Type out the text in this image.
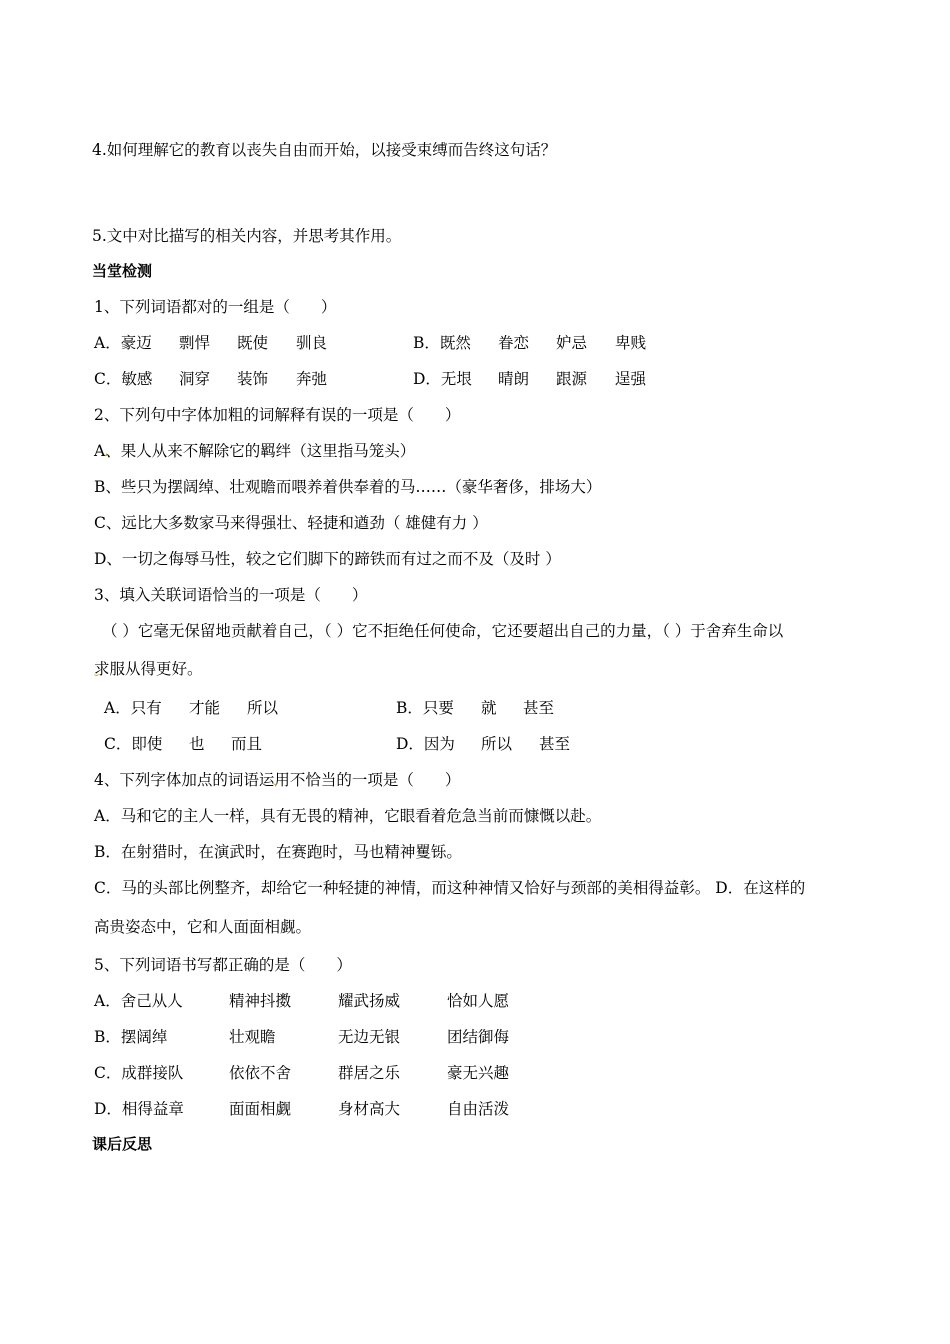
4.如何理解它的教育以丧失自由而开始，以接受束缚而告终这句话？
5.文中对比描写的相关内容，并思考其作用。
当堂检测
1、下列词语都对的一组是（　　）
A．豪迈 剽悍 既使 驯良	B．既然 眷恋 妒忌 卑贱
C．敏感 洞穿 装饰 奔弛	D．无垠 晴朗 跟源 逞强
2、下列句中字体加粗的词解释有误的一项是（　　）
A、果人从来不解除它的羁绊（这里指马笼头）
B、些只为摆阔绰、壮观瞻而喂养着供奉着的马……（豪华奢侈，排场大）
C、远比大多数家马来得强壮、轻捷和遒劲（ 雄健有力 ）
D、一切之侮辱马性，较之它们脚下的蹄铁而有过之而不及（及时 ）
3、填入关联词语恰当的一项是（　　）
（ ）它毫无保留地贡献着自己，（ ）它不拒绝任何使命，它还要超出自己的力量，（ ）于舍弃生命以
求服从得更好。
A．只有 才能 所以	B．只要 就 甚至
C．即使 也 而且	D．因为 所以 甚至
4、下列字体加点的词语运用不恰当的一项是（　　）
A．马和它的主人一样，具有无畏的精神，它眼看着危急当前而慷慨以赴。
B．在射猎时，在演武时，在赛跑时，马也精神矍铄。
C．马的头部比例整齐，却给它一种轻捷的神情，而这种神情又恰好与颈部的美相得益彰。 D．在这样的
高贵姿态中，它和人面面相觑。
5、下列词语书写都正确的是（　　）
A．舍己从人	精神抖擞	耀武扬威	恰如人愿
B．摆阔绰	壮观瞻	无边无银	团结御侮
C．成群接队	依依不舍	群居之乐	豪无兴趣
D．相得益章	面面相觑	身材高大	自由活泼
课后反思
